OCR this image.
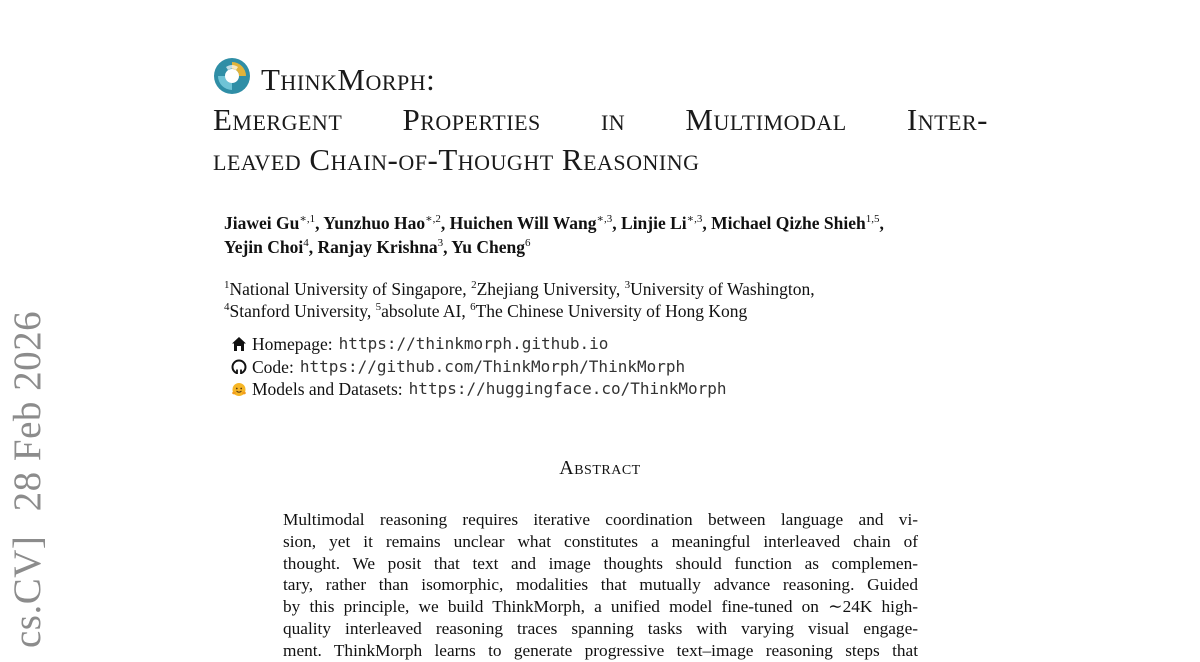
cs.CV] 28 Feb 2026
ThinkMorph:
Emergent Properties in Multimodal Inter-
leaved Chain-of-Thought Reasoning
Jiawei $Gu^{∗,1}$, Yunzhuo Hao$^{∗,2}$, Huichen Will Wang$^{∗,3}$, Linjie $Li^{∗,3}$, Michael Qizhe Shieh$^{1,5}$,
Yejin Choi$^4$, Ranjay Krishna$^3$, Yu Cheng$^6$
$^1$National University of Singapore, $^2$Zhejiang University, $^3$University of Washington,
$^4$Stanford University, $^5$absolute AI, $^6$The Chinese University of Hong Kong
Homepage: https://thinkmorph.github.io
Code: https://github.com/ThinkMorph/ThinkMorph
Models and Datasets: https://huggingface.co/ThinkMorph
Abstract
Multimodal reasoning requires iterative coordination between language and vi-
sion, yet it remains unclear what constitutes a meaningful interleaved chain of
thought. We posit that text and image thoughts should function as complemen-
tary, rather than isomorphic, modalities that mutually advance reasoning. Guided
by this principle, we build ThinkMorph, a unified model fine-tuned on ∼24K high-
quality interleaved reasoning traces spanning tasks with varying visual engage-
ment. ThinkMorph learns to generate progressive text–image reasoning steps that
